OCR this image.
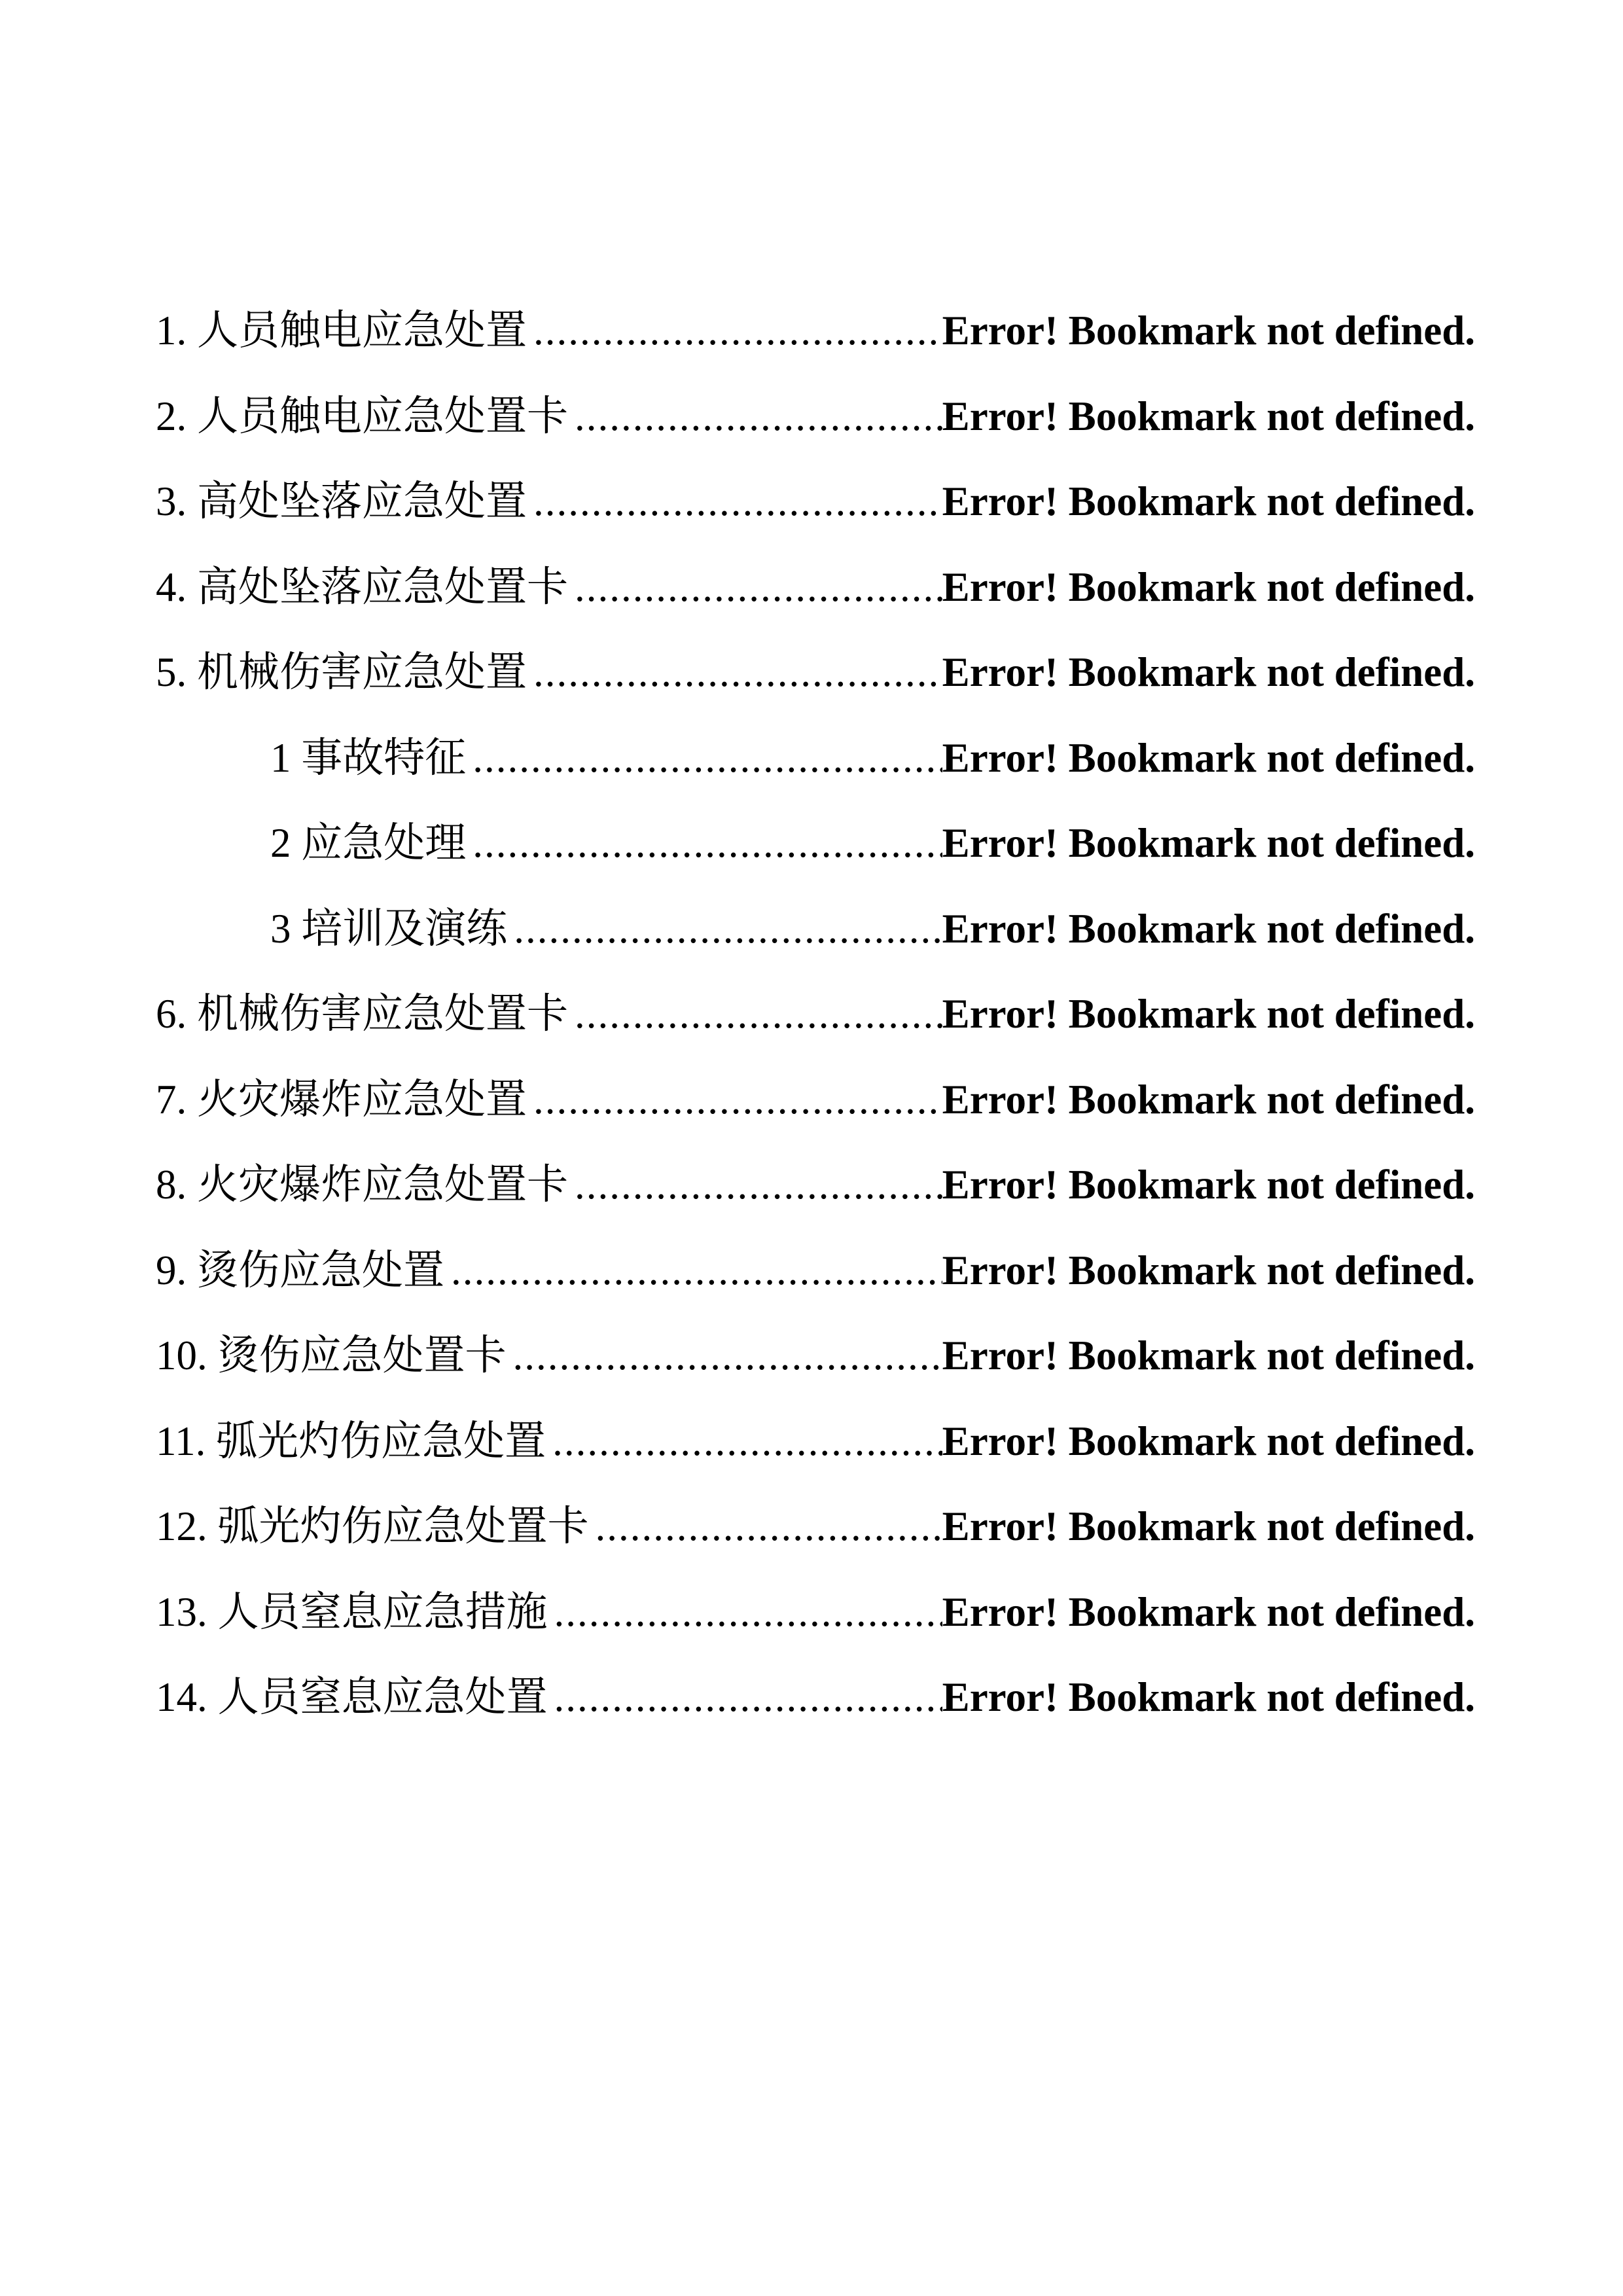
1. 人员触电应急处置 .....	Error! Bookmark not defined.
2. 人员触电应急处置卡 .....	Error! Bookmark not defined.
3. 高处坠落应急处置 .....	Error! Bookmark not defined.
4. 高处坠落应急处置卡 .....	Error! Bookmark not defined.
5. 机械伤害应急处置 .....	Error! Bookmark not defined.
1 事故特征 .....	Error! Bookmark not defined.
2 应急处理 .....	Error! Bookmark not defined.
3 培训及演练 .....	Error! Bookmark not defined.
6. 机械伤害应急处置卡 .....	Error! Bookmark not defined.
7. 火灾爆炸应急处置 .....	Error! Bookmark not defined.
8. 火灾爆炸应急处置卡 .....	Error! Bookmark not defined.
9. 烫伤应急处置 .....	Error! Bookmark not defined.
10. 烫伤应急处置卡 .....	Error! Bookmark not defined.
11. 弧光灼伤应急处置 .....	Error! Bookmark not defined.
12. 弧光灼伤应急处置卡 .....	Error! Bookmark not defined.
13. 人员窒息应急措施 .....	Error! Bookmark not defined.
14. 人员窒息应急处置 .....	Error! Bookmark not defined.
